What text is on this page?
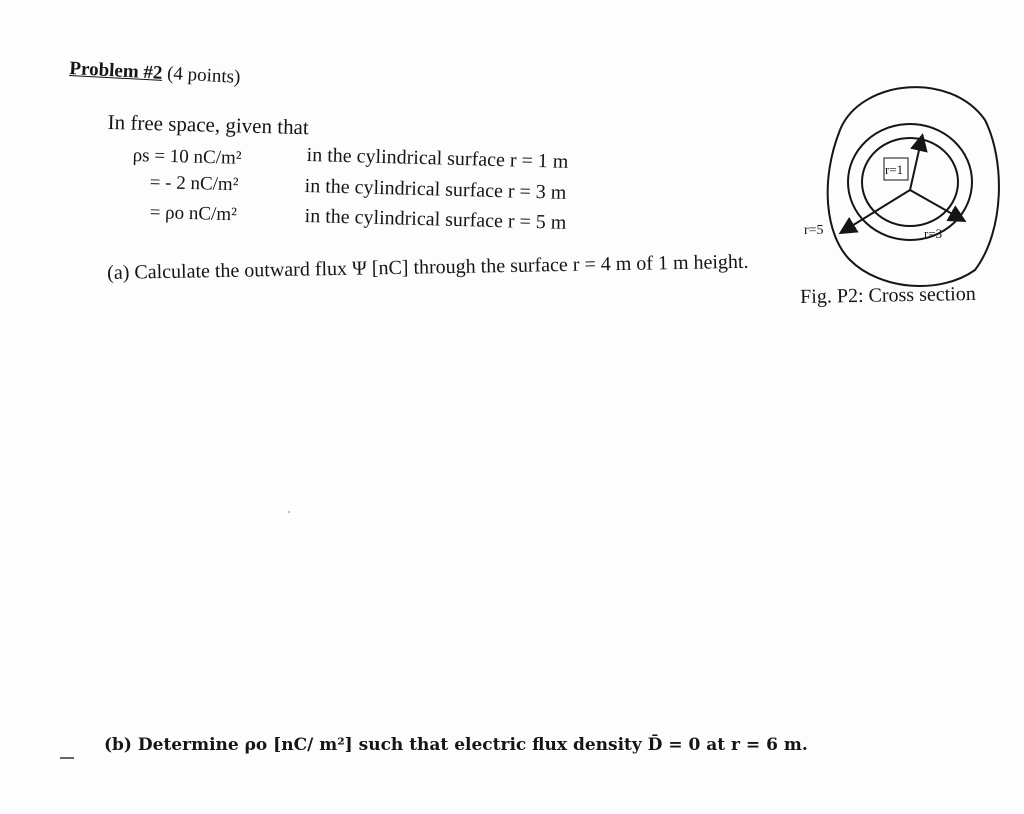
Problem #2 (4 points)
In free space, given that
ρs = 10 nC/m²
= - 2 nC/m²
= ρo nC/m²
in the cylindrical surface r = 1 m
in the cylindrical surface r = 3 m
in the cylindrical surface r = 5 m
(a) Calculate the outward flux Ψ [nC] through the surface r = 4 m of 1 m height.
r=1
r=3
r=5
Fig. P2: Cross section
(b) Determine ρo [nC/ m²] such that electric flux density D̄ = 0 at r = 6 m.
